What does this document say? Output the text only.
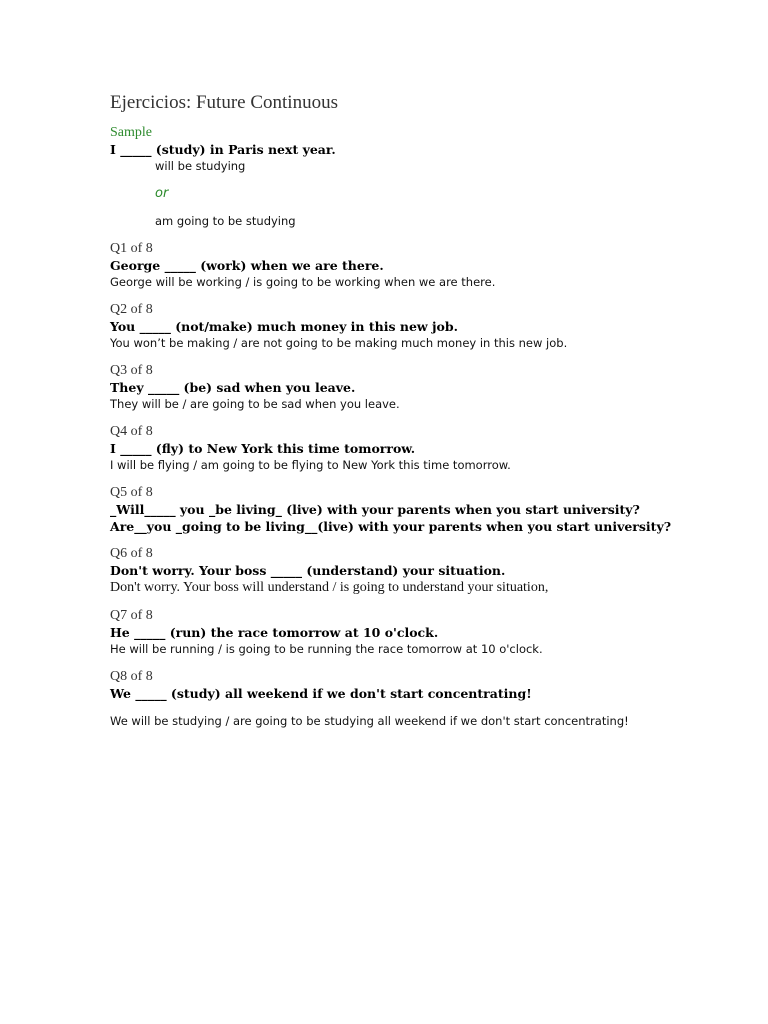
Ejercicios: Future Continuous
Sample
I _____ (study) in Paris next year.
will be studying
or
am going to be studying
Q1 of 8
George _____ (work) when we are there.
George will be working / is going to be working when we are there.
Q2 of 8
You _____ (not/make) much money in this new job.
You won’t be making / are not going to be making much money in this new job.
Q3 of 8
They _____ (be) sad when you leave.
They will be / are going to be sad when you leave.
Q4 of 8
I _____ (fly) to New York this time tomorrow.
I will be flying / am going to be flying to New York this time tomorrow.
Q5 of 8
_Will_____ you _be living_ (live) with your parents when you start university?
Are__you _going to be living__(live) with your parents when you start university?
Q6 of 8
Don't worry. Your boss _____ (understand) your situation.
Don't worry. Your boss will understand / is going to understand your situation,
Q7 of 8
He _____ (run) the race tomorrow at 10 o'clock.
He will be running / is going to be running the race tomorrow at 10 o'clock.
Q8 of 8
We _____ (study) all weekend if we don't start concentrating!
We will be studying / are going to be studying all weekend if we don't start concentrating!
